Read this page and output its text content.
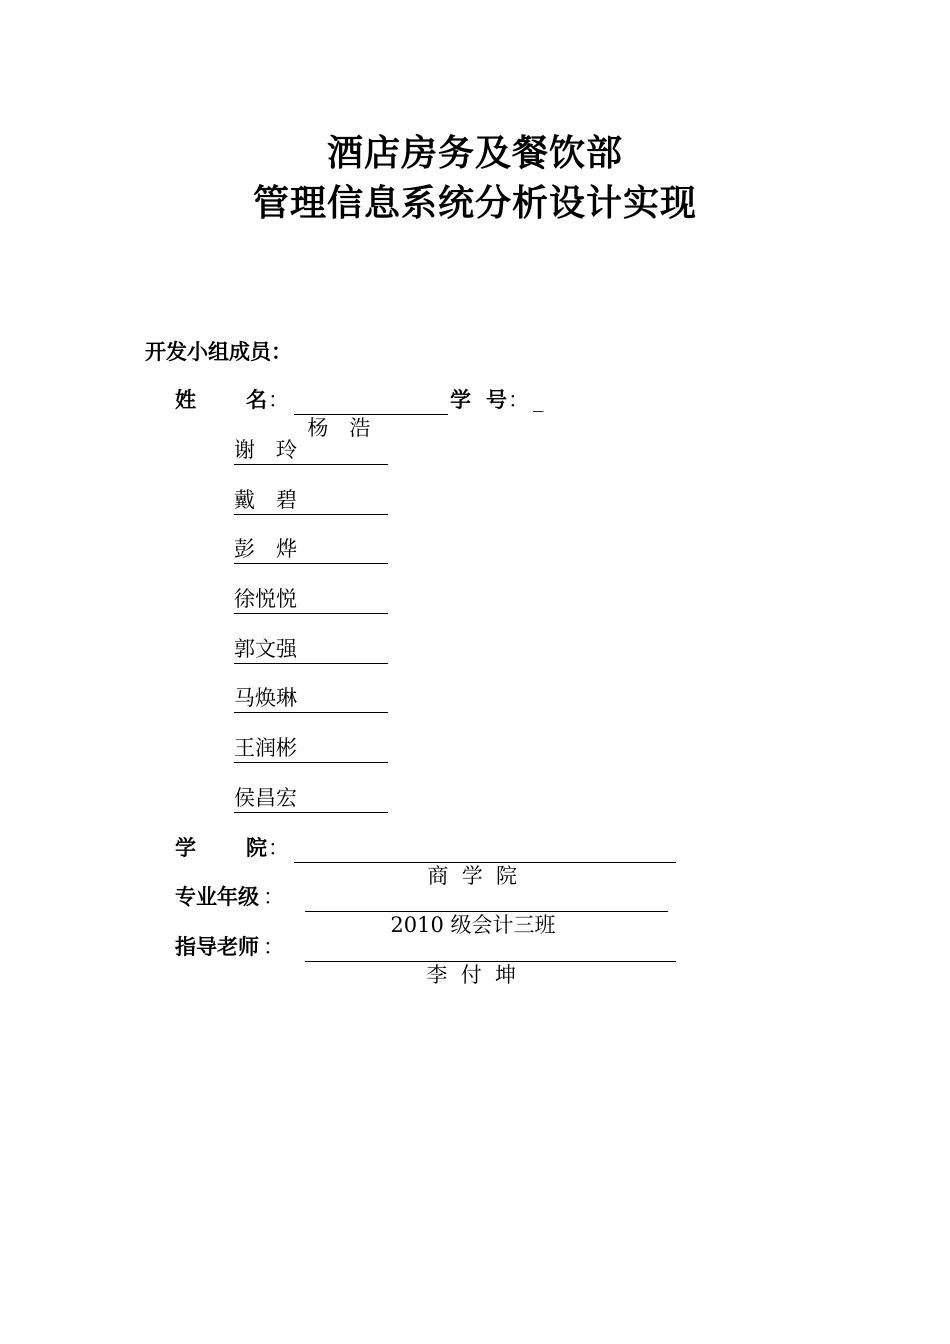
酒店房务及餐饮部
管理信息系统分析设计实现
开发小组成员：
姓 名 ：

杨　浩

学 号 ： _
谢　玲
戴　碧
彭　烨
徐悦悦
郭文强
马焕琳
王润彬
侯昌宏
学 院 ：

商  学  院

专业年级 ：

2010 级会计三班

指导老师 ：

李  付  坤
